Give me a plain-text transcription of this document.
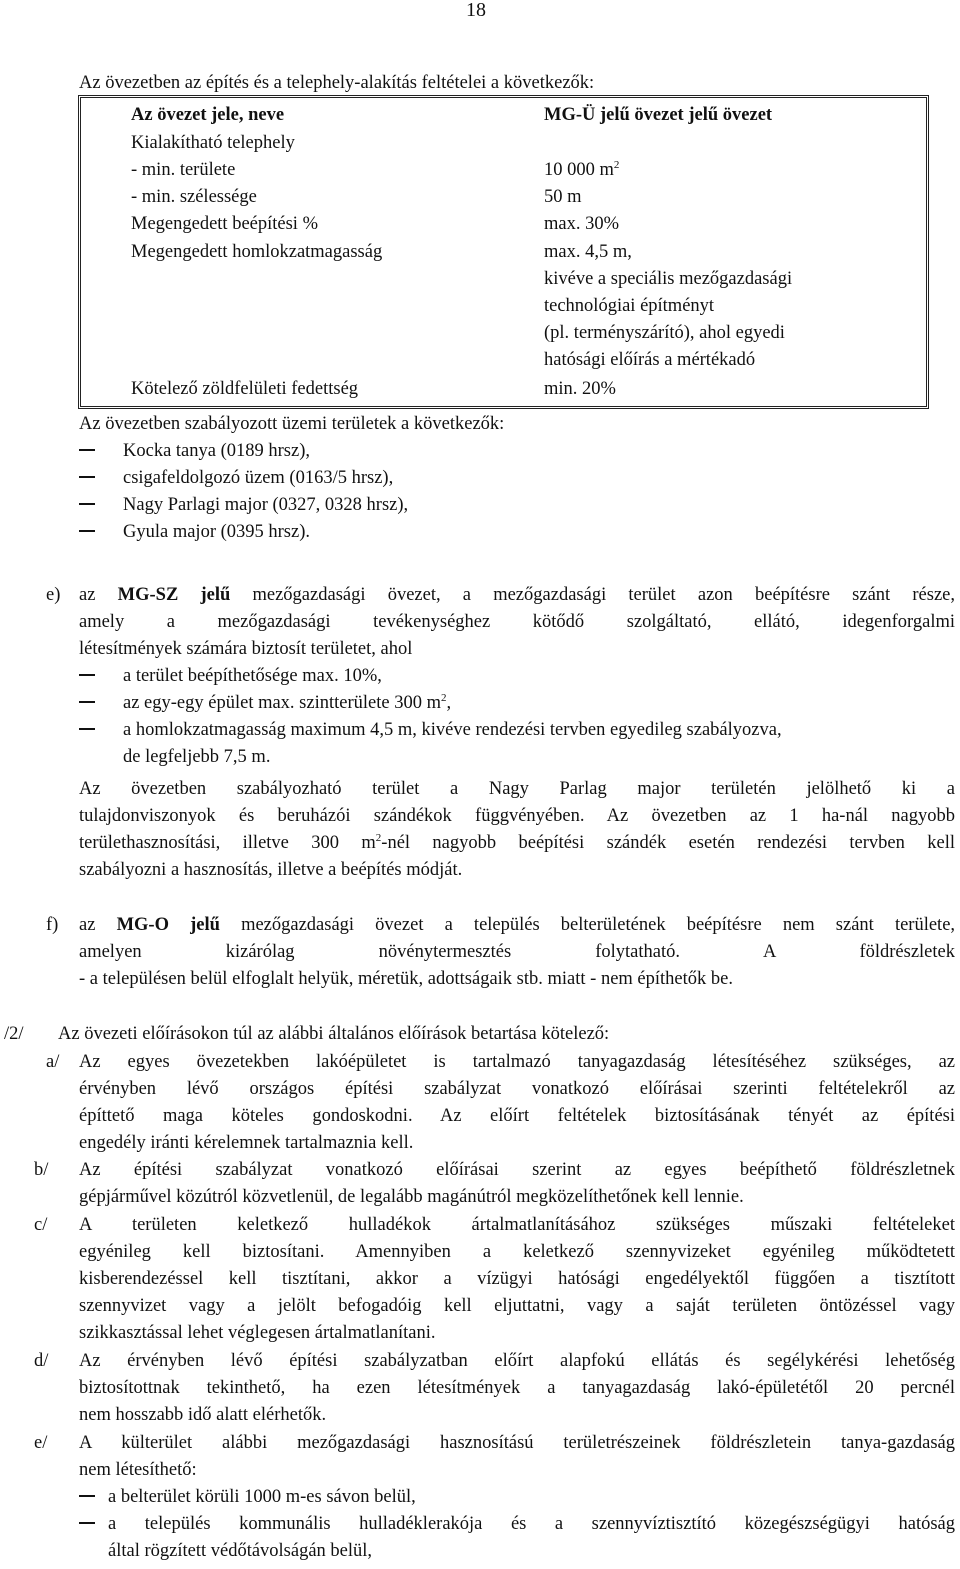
18
Az övezetben az építés és a telephely-alakítás feltételei a következők:
Az övezet jele, neve	MG-Ü jelű övezet jelű övezet
Kialakítható telephely
- min. területe	10 000 $m^2$
- min. szélessége	50 m
Megengedett beépítési %	max. 30%
Megengedett homlokzatmagasság	max. 4,5 m,
kivéve a speciális mezőgazdasági
technológiai építményt
(pl. terményszárító), ahol egyedi
hatósági előírás a mértékadó
Kötelező zöldfelületi fedettség	min. 20%
Az övezetben szabályozott üzemi területek a következők:
Kocka tanya (0189 hrsz),
csigafeldolgozó üzem (0163/5 hrsz),
Nagy Parlagi major (0327, 0328 hrsz),
Gyula major (0395 hrsz).
e) az MG-SZ jelű mezőgazdasági övezet, a mezőgazdasági terület azon beépítésre szánt része,
amely a mezőgazdasági tevékenységhez kötődő szolgáltató, ellátó, idegenforgalmi
létesítmények számára biztosít területet, ahol
a terület beépíthetősége max. 10%,
az egy-egy épület max. szintterülete 300 $m^2$,
a homlokzatmagasság maximum 4,5 m, kivéve rendezési tervben egyedileg szabályozva,
de legfeljebb 7,5 m.
Az övezetben szabályozható terület a Nagy Parlag major területén jelölhető ki a
tulajdonviszonyok és beruházói szándékok függvényében. Az övezetben az 1 ha-nál nagyobb
területhasznosítási, illetve 300 $m^2$-nél nagyobb beépítési szándék esetén rendezési tervben kell
szabályozni a hasznosítás, illetve a beépítés módját.
f) az MG-O jelű mezőgazdasági övezet a település belterületének beépítésre nem szánt területe,
amelyen kizárólag növénytermesztés folytatható. A földrészletek
- a településen belül elfoglalt helyük, méretük, adottságaik stb. miatt - nem építhetők be.
/2/ Az övezeti előírásokon túl az alábbi általános előírások betartása kötelező:
a/ Az egyes övezetekben lakóépületet is tartalmazó tanyagazdaság létesítéséhez szükséges, az
érvényben lévő országos építési szabályzat vonatkozó előírásai szerinti feltételekről az
építtető maga köteles gondoskodni. Az előírt feltételek biztosításának tényét az építési
engedély iránti kérelemnek tartalmaznia kell.
b/ Az építési szabályzat vonatkozó előírásai szerint az egyes beépíthető földrészletnek
gépjárművel közútról közvetlenül, de legalább magánútról megközelíthetőnek kell lennie.
c/ A területen keletkező hulladékok ártalmatlanításához szükséges műszaki feltételeket
egyénileg kell biztosítani. Amennyiben a keletkező szennyvizeket egyénileg működtetett
kisberendezéssel kell tisztítani, akkor a vízügyi hatósági engedélyektől függően a tisztított
szennyvizet vagy a jelölt befogadóig kell eljuttatni, vagy a saját területen öntözéssel vagy
szikkasztással lehet véglegesen ártalmatlanítani.
d/ Az érvényben lévő építési szabályzatban előírt alapfokú ellátás és segélykérési lehetőség
biztosítottnak tekinthető, ha ezen létesítmények a tanyagazdaság lakó-épületétől 20 percnél
nem hosszabb idő alatt elérhetők.
e/ A külterület alábbi mezőgazdasági hasznosítású területrészeinek földrészletein tanya-gazdaság
nem létesíthető:
a belterület körüli 1000 m-es sávon belül,
a település kommunális hulladéklerakója és a szennyvíztisztító közegészségügyi hatóság
által rögzített védőtávolságán belül,
